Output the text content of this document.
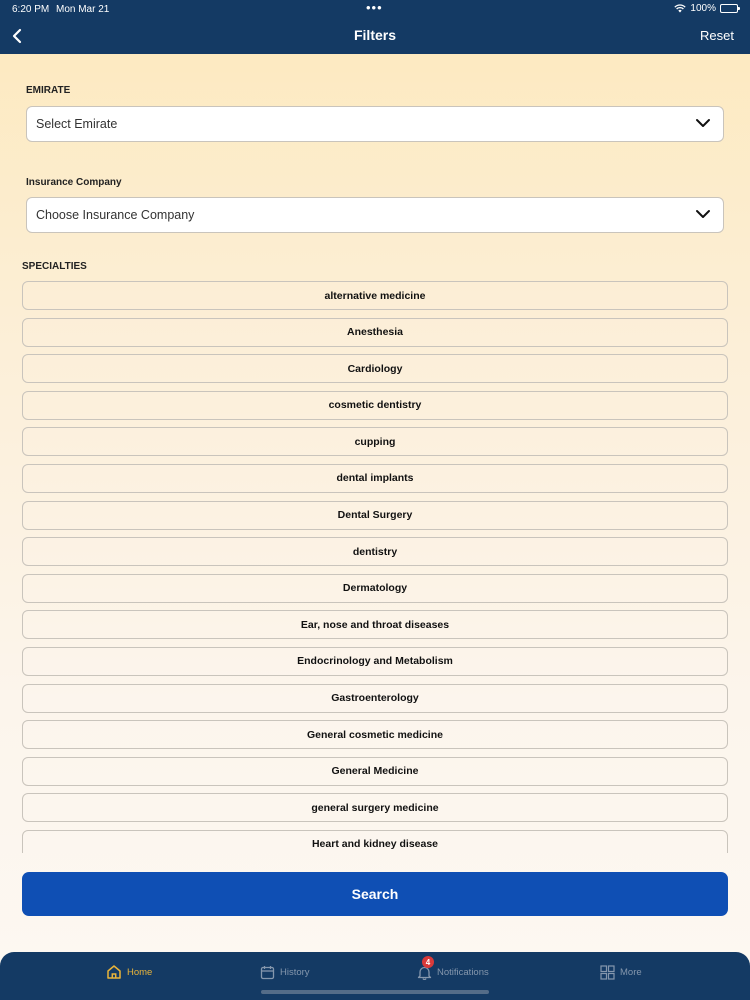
6:20 PM Mon Mar 21	•••	100%
Filters	Reset
EMIRATE
Select Emirate
Insurance Company
Choose Insurance Company
SPECIALTIES
alternative medicine
Anesthesia
Cardiology
cosmetic dentistry
cupping
dental implants
Dental Surgery
dentistry
Dermatology
Ear, nose and throat diseases
Endocrinology and Metabolism
Gastroenterology
General cosmetic medicine
General Medicine
general surgery medicine
Heart and kidney disease
Search
Home	History
4
Notifications	More
